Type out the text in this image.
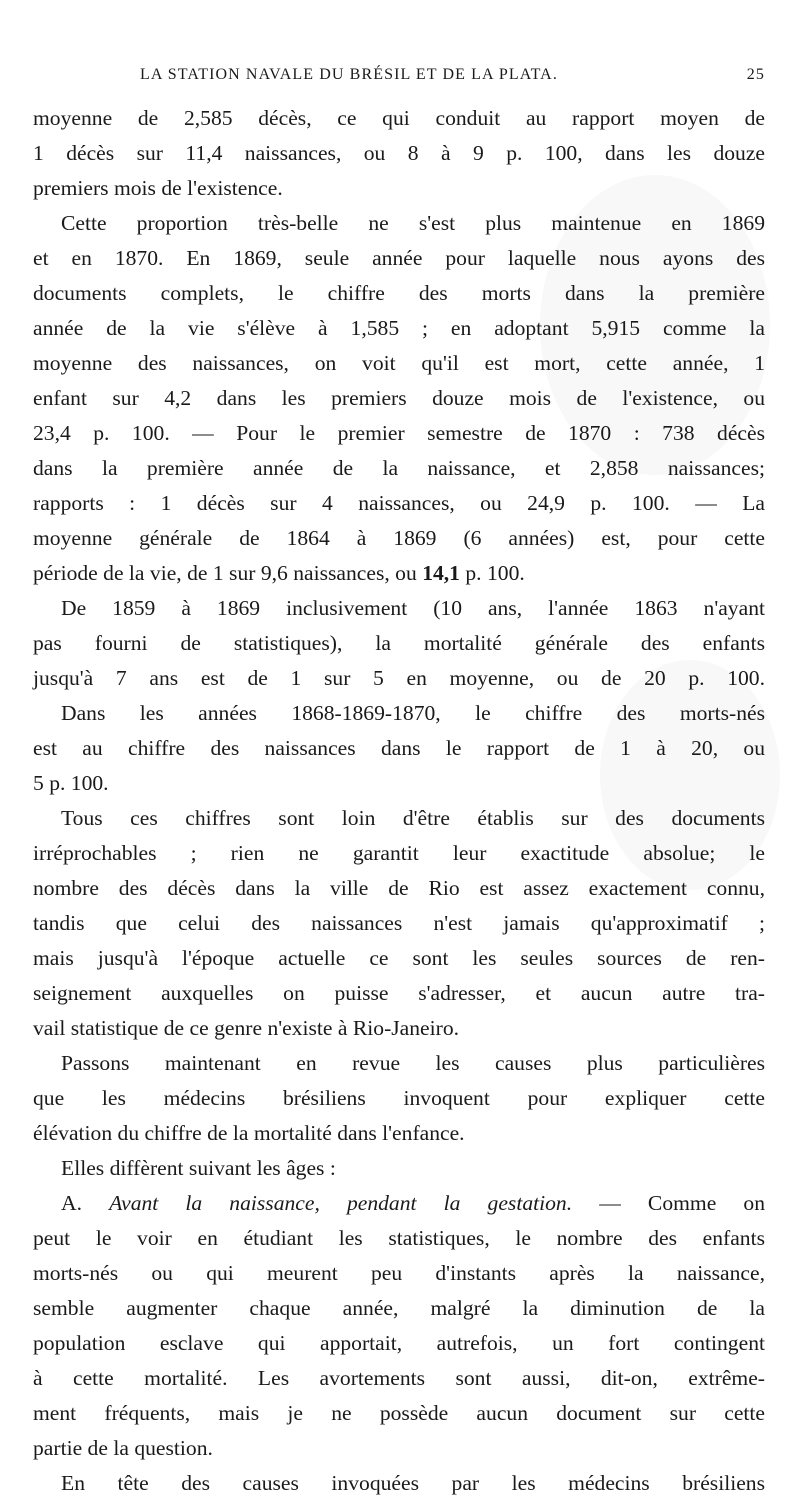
LA STATION NAVALE DU BRÉSIL ET DE LA PLATA.	25
moyenne de 2,585 décès, ce qui conduit au rapport moyen de
1 décès sur 11,4 naissances, ou 8 à 9 p. 100, dans les douze
premiers mois de l'existence.
Cette proportion très-belle ne s'est plus maintenue en 1869
et en 1870. En 1869, seule année pour laquelle nous ayons des
documents complets, le chiffre des morts dans la première
année de la vie s'élève à 1,585 ; en adoptant 5,915 comme la
moyenne des naissances, on voit qu'il est mort, cette année, 1
enfant sur 4,2 dans les premiers douze mois de l'existence, ou
23,4 p. 100. — Pour le premier semestre de 1870 : 738 décès
dans la première année de la naissance, et 2,858 naissances;
rapports : 1 décès sur 4 naissances, ou 24,9 p. 100. — La
moyenne générale de 1864 à 1869 (6 années) est, pour cette
période de la vie, de 1 sur 9,6 naissances, ou 14,1 p. 100.
De 1859 à 1869 inclusivement (10 ans, l'année 1863 n'ayant
pas fourni de statistiques), la mortalité générale des enfants
jusqu'à 7 ans est de 1 sur 5 en moyenne, ou de 20 p. 100.
Dans les années 1868-1869-1870, le chiffre des morts-nés
est au chiffre des naissances dans le rapport de 1 à 20, ou
5 p. 100.
Tous ces chiffres sont loin d'être établis sur des documents
irréprochables ; rien ne garantit leur exactitude absolue; le
nombre des décès dans la ville de Rio est assez exactement connu,
tandis que celui des naissances n'est jamais qu'approximatif ;
mais jusqu'à l'époque actuelle ce sont les seules sources de ren-
seignement auxquelles on puisse s'adresser, et aucun autre tra-
vail statistique de ce genre n'existe à Rio-Janeiro.
Passons maintenant en revue les causes plus particulières
que les médecins brésiliens invoquent pour expliquer cette
élévation du chiffre de la mortalité dans l'enfance.
Elles diffèrent suivant les âges :
A. Avant la naissance, pendant la gestation. — Comme on
peut le voir en étudiant les statistiques, le nombre des enfants
morts-nés ou qui meurent peu d'instants après la naissance,
semble augmenter chaque année, malgré la diminution de la
population esclave qui apportait, autrefois, un fort contingent
à cette mortalité. Les avortements sont aussi, dit-on, extrême-
ment fréquents, mais je ne possède aucun document sur cette
partie de la question.
En tête des causes invoquées par les médecins brésiliens
